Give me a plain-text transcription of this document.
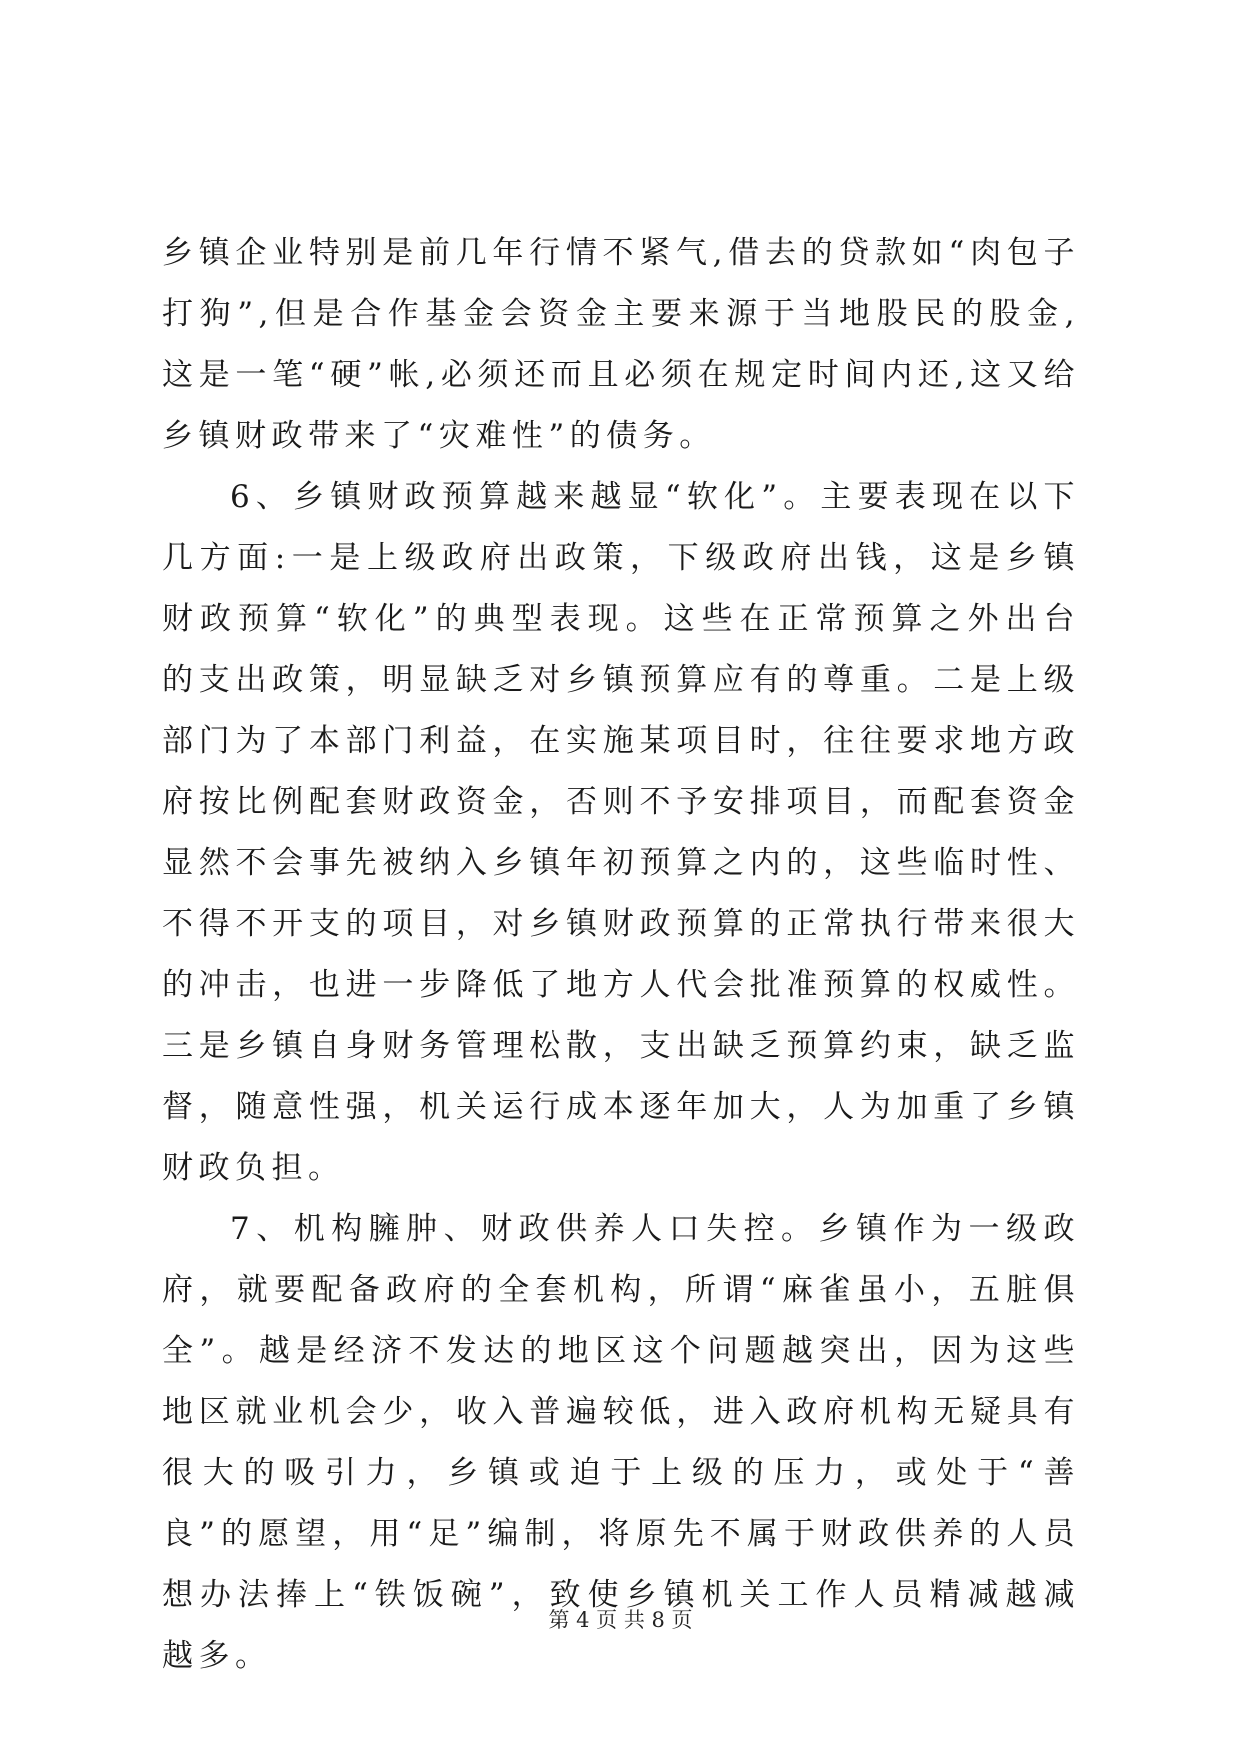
乡镇企业特别是前几年行情不紧气,借去的贷款如“肉包子打狗”,但是合作基金会资金主要来源于当地股民的股金,这是一笔“硬”帐,必须还而且必须在规定时间内还,这又给乡镇财政带来了“灾难性”的债务。

6、乡镇财政预算越来越显“软化”。主要表现在以下几方面:一是上级政府出政策，下级政府出钱，这是乡镇财政预算“软化”的典型表现。这些在正常预算之外出台的支出政策，明显缺乏对乡镇预算应有的尊重。二是上级部门为了本部门利益，在实施某项目时，往往要求地方政府按比例配套财政资金，否则不予安排项目，而配套资金显然不会事先被纳入乡镇年初预算之内的，这些临时性、不得不开支的项目，对乡镇财政预算的正常执行带来很大的冲击，也进一步降低了地方人代会批准预算的权威性。三是乡镇自身财务管理松散，支出缺乏预算约束，缺乏监督，随意性强，机关运行成本逐年加大，人为加重了乡镇财政负担。

7、机构臃肿、财政供养人口失控。乡镇作为一级政府，就要配备政府的全套机构，所谓“麻雀虽小，五脏俱全”。越是经济不发达的地区这个问题越突出，因为这些地区就业机会少，收入普遍较低，进入政府机构无疑具有很大的吸引力，乡镇或迫于上级的压力，或处于“善良”的愿望，用“足”编制，将原先不属于财政供养的人员想办法捧上“铁饭碗”，致使乡镇机关工作人员精减越减越多。

第 4 页 共 8 页
